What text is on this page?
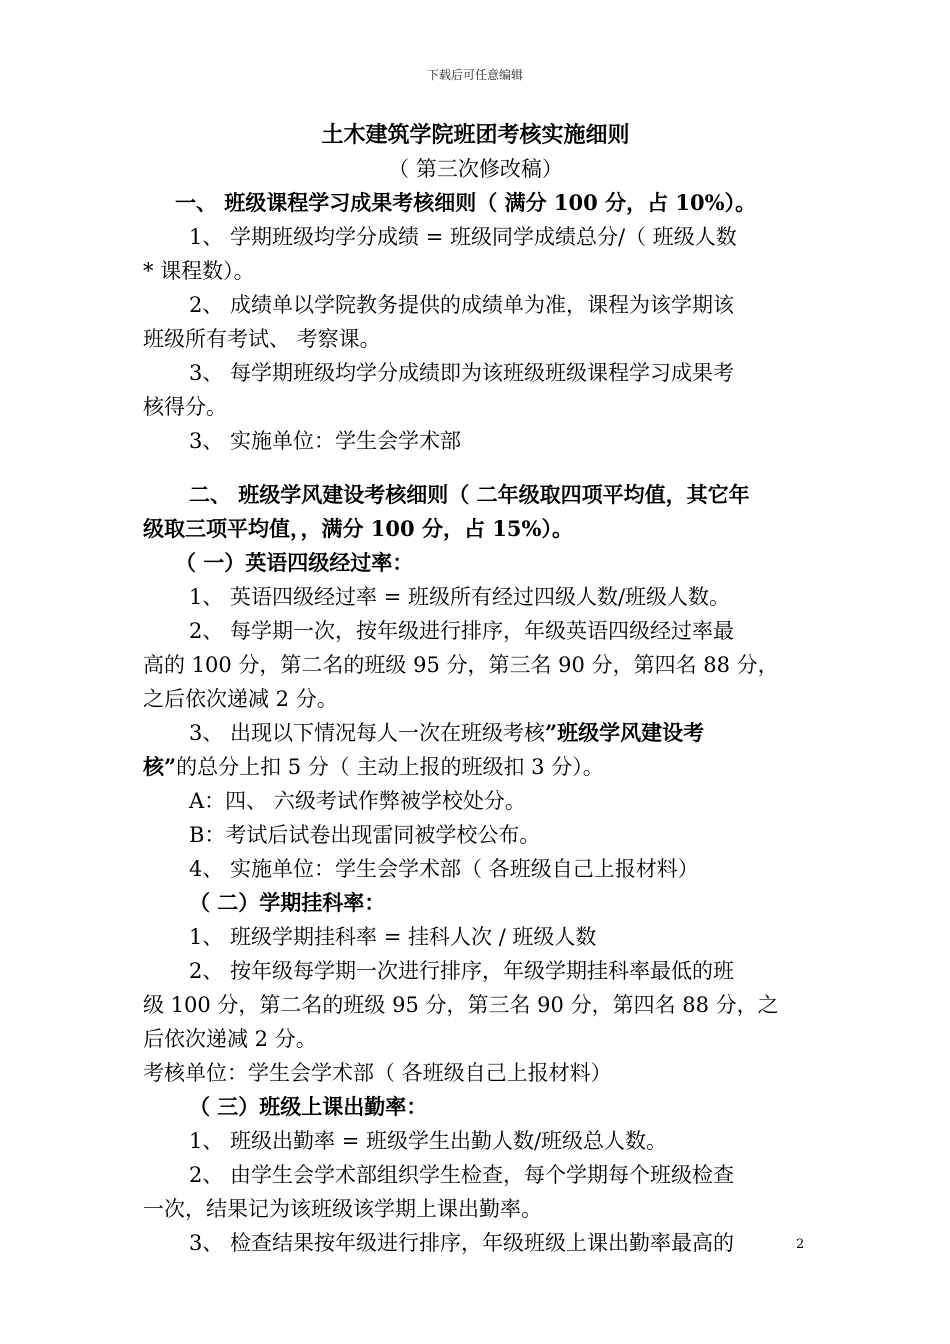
下载后可任意编辑
土木建筑学院班团考核实施细则
（ 第三次修改稿）
一、 班级课程学习成果考核细则（ 满分 100 分，占 10%）。
1、 学期班级均学分成绩 = 班级同学成绩总分/（ 班级人数
* 课程数）。
2、 成绩单以学院教务提供的成绩单为准，课程为该学期该
班级所有考试、 考察课。
3、 每学期班级均学分成绩即为该班级班级课程学习成果考
核得分。
3、 实施单位：学生会学术部
二、 班级学风建设考核细则（ 二年级取四项平均值，其它年
级取三项平均值，，满分 100 分，占 15%）。
（ 一）英语四级经过率：
1、 英语四级经过率 = 班级所有经过四级人数/班级人数。
2、 每学期一次，按年级进行排序，年级英语四级经过率最
高的 100 分，第二名的班级 95 分，第三名 90 分，第四名 88 分，
之后依次递减 2 分。
3、 出现以下情况每人一次在班级考核”班级学风建设考
核”的总分上扣 5 分（ 主动上报的班级扣 3 分）。
A：四、 六级考试作弊被学校处分。
B：考试后试卷出现雷同被学校公布。
4、 实施单位：学生会学术部（ 各班级自己上报材料）
（ 二）学期挂科率：
1、 班级学期挂科率 = 挂科人次 / 班级人数
2、 按年级每学期一次进行排序，年级学期挂科率最低的班
级 100 分，第二名的班级 95 分，第三名 90 分，第四名 88 分，之
后依次递减 2 分。
考核单位：学生会学术部（ 各班级自己上报材料）
（ 三）班级上课出勤率：
1、 班级出勤率 = 班级学生出勤人数/班级总人数。
2、 由学生会学术部组织学生检查，每个学期每个班级检查
一次，结果记为该班级该学期上课出勤率。
3、 检查结果按年级进行排序，年级班级上课出勤率最高的	2
